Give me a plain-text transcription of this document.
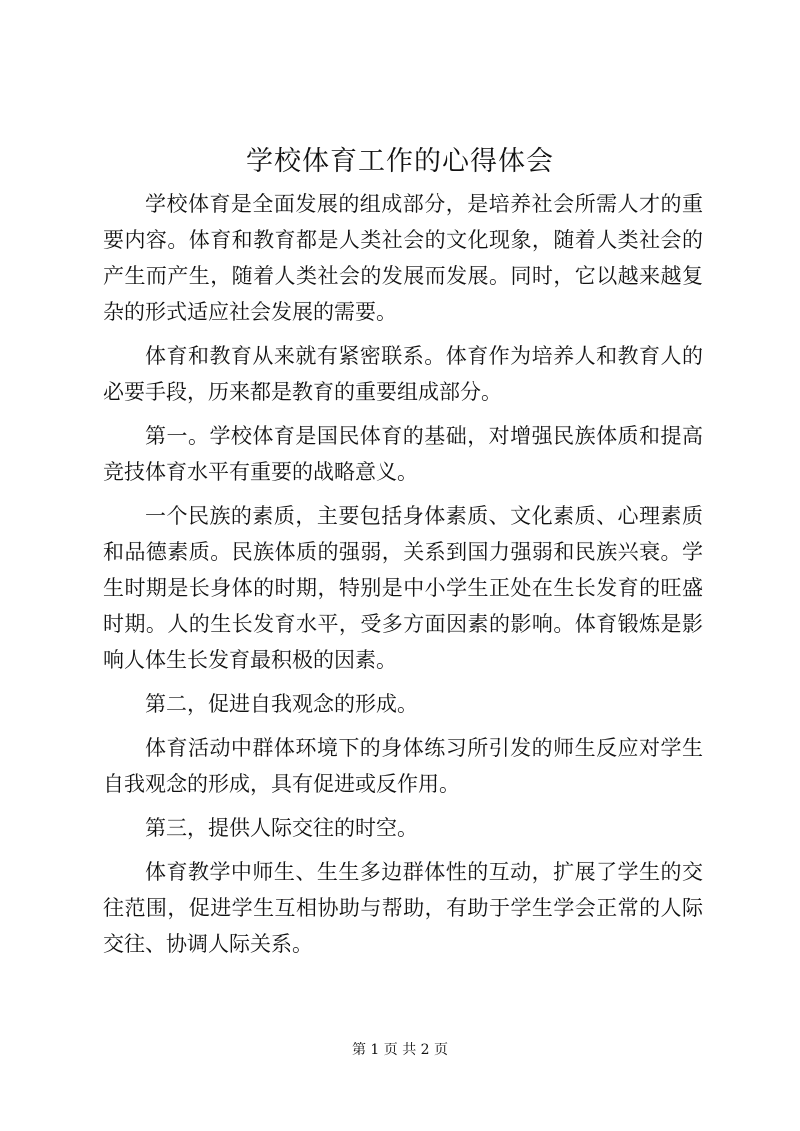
学校体育工作的心得体会

学校体育是全面发展的组成部分，是培养社会所需人才的重要内容。体育和教育都是人类社会的文化现象，随着人类社会的产生而产生，随着人类社会的发展而发展。同时，它以越来越复杂的形式适应社会发展的需要。

体育和教育从来就有紧密联系。体育作为培养人和教育人的必要手段，历来都是教育的重要组成部分。

第一。学校体育是国民体育的基础，对增强民族体质和提高竞技体育水平有重要的战略意义。

一个民族的素质，主要包括身体素质、文化素质、心理素质和品德素质。民族体质的强弱，关系到国力强弱和民族兴衰。学生时期是长身体的时期，特别是中小学生正处在生长发育的旺盛时期。人的生长发育水平，受多方面因素的影响。体育锻炼是影响人体生长发育最积极的因素。

第二，促进自我观念的形成。

体育活动中群体环境下的身体练习所引发的师生反应对学生自我观念的形成，具有促进或反作用。

第三，提供人际交往的时空。

体育教学中师生、生生多边群体性的互动，扩展了学生的交往范围，促进学生互相协助与帮助，有助于学生学会正常的人际交往、协调人际关系。

第 1 页 共 2 页
